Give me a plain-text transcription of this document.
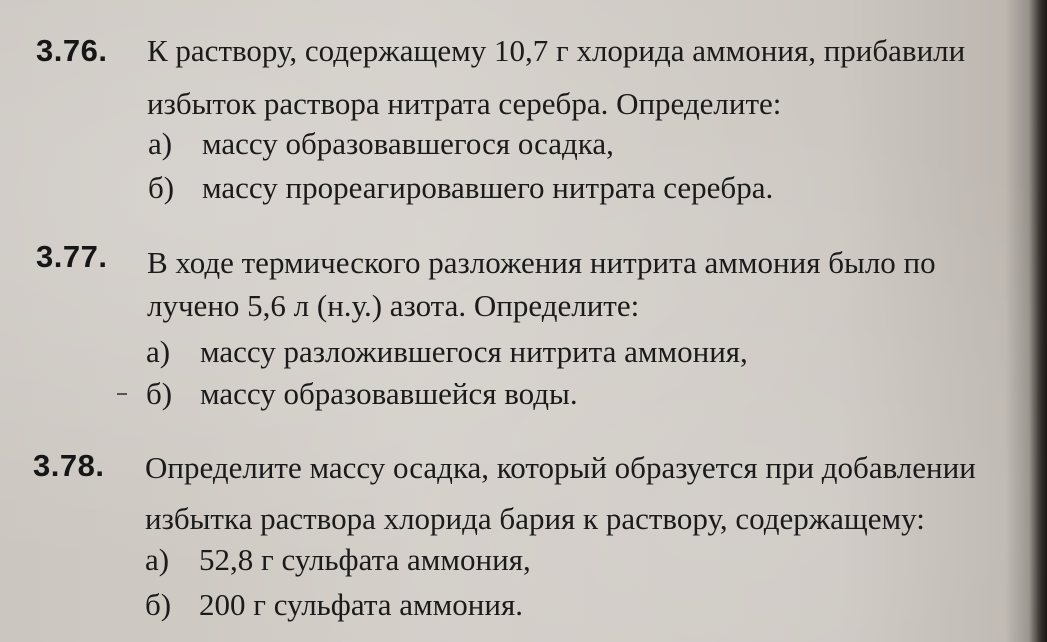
3.76. К раствору, содержащему 10,7 г хлорида аммония, прибавили
избыток раствора нитрата серебра. Определите:
а) массу образовавшегося осадка,
б) массу прореагировавшего нитрата серебра.
3.77. В ходе термического разложения нитрита аммония было по
лучено 5,6 л (н.у.) азота. Определите:
а) массу разложившегося нитрита аммония,
б) массу образовавшейся воды.
3.78. Определите массу осадка, который образуется при добавлении
избытка раствора хлорида бария к раствору, содержащему:
а) 52,8 г сульфата аммония,
б) 200 г сульфата аммония.
